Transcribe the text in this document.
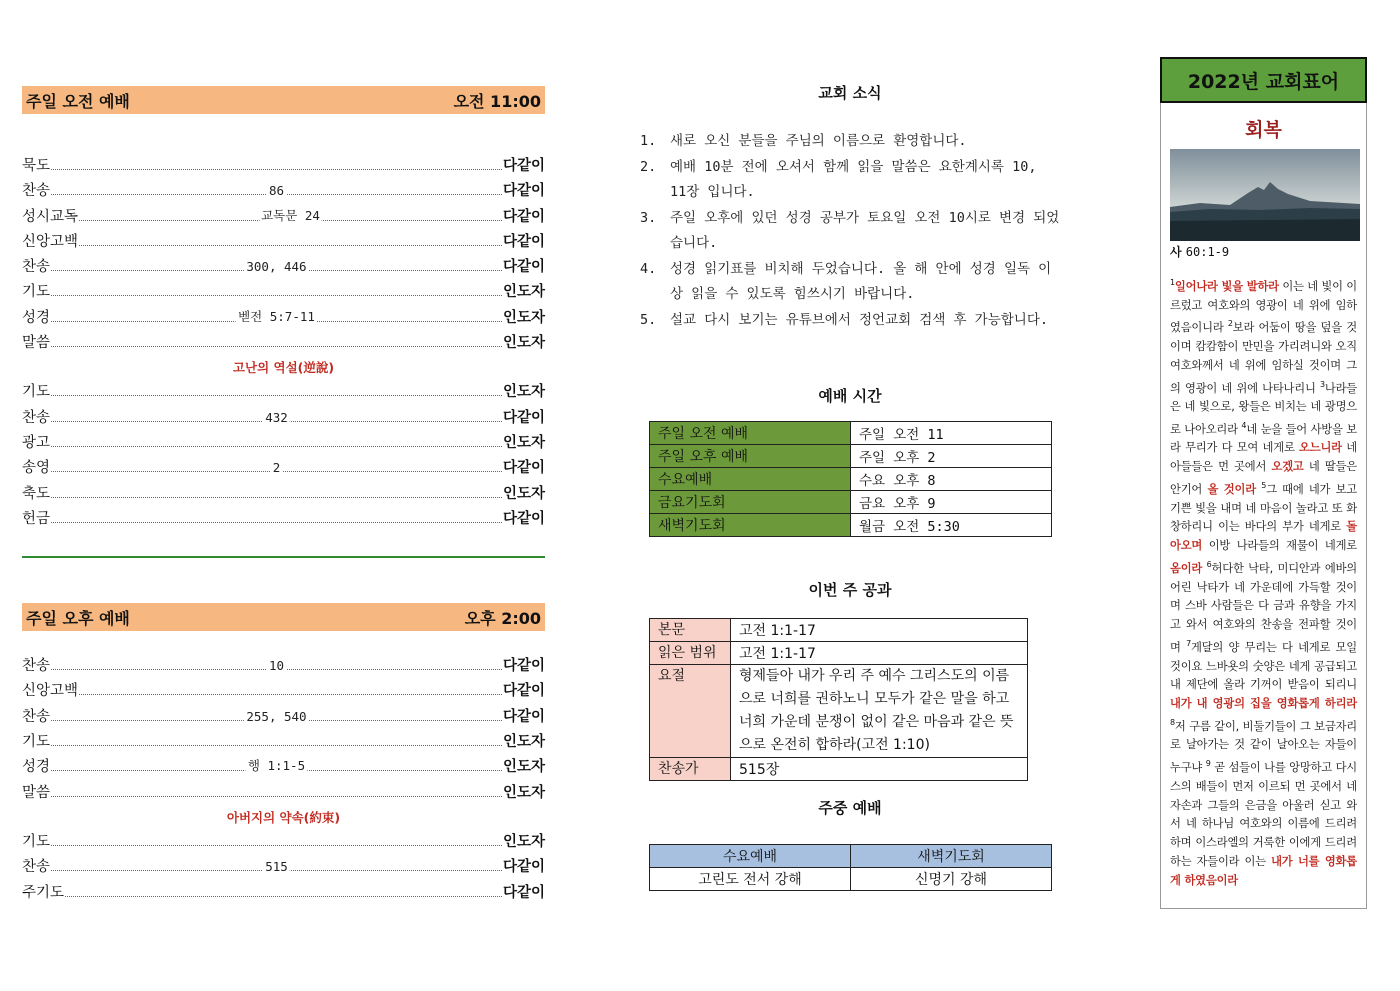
주일 오전 예배	오전 11:00
묵도	다같이
찬송	86	다같이
성시교독	교독문 24	다같이
신앙고백	다같이
찬송	300, 446	다같이
기도	인도자
성경	벧전 5:7-11	인도자
말씀	인도자
고난의 역설(逆說)
기도	인도자
찬송	432	다같이
광고	인도자
송영	2	다같이
축도	인도자
헌금	다같이
주일 오후 예배	오후 2:00
찬송	10	다같이
신앙고백	다같이
찬송	255, 540	다같이
기도	인도자
성경	행 1:1-5	인도자
말씀	인도자
아버지의 약속(約束)
기도	인도자
찬송	515	다같이
주기도	다같이
교회 소식
1.	새로 오신 분들을 주님의 이름으로 환영합니다.
2.	예배 10분 전에 오셔서 함께 읽을 말씀은 요한계시록 10, 11장 입니다.
3.	주일 오후에 있던 성경 공부가 토요일 오전 10시로 변경 되었습니다.
4.	성경 읽기표를 비치해 두었습니다. 올 해 안에 성경 일독 이상 읽을 수 있도록 힘쓰시기 바랍니다.
5.	설교 다시 보기는 유튜브에서 정언교회 검색 후 가능합니다.
예배 시간
주일 오전 예배	주일 오전 11
주일 오후 예배	주일 오후 2
수요예배	수요 오후 8
금요기도회	금요 오후 9
새벽기도회	월금 오전 5:30
이번 주 공과
본문	고전 1:1-17
읽은 범위	고전 1:1-17
요절	형제들아 내가 우리 주 예수 그리스도의 이름으로 너희를 권하노니 모두가 같은 말을 하고 너희 가운데 분쟁이 없이 같은 마음과 같은 뜻으로 온전히 합하라(고전 1:10)
찬송가	515장
주중 예배
수요예배	새벽기도회
고린도 전서 강해	신명기 강해
2022년 교회표어
회복
사 60:1-9
$^1$일어나라 빛을 발하라 이는 네 빛이 이르렀고 여호와의 영광이 네 위에 임하였음이니라 $^2$보라 어둠이 땅을 덮을 것이며 캄캄함이 만민을 가리려니와 오직 여호와께서 네 위에 임하실 것이며 그의 영광이 네 위에 나타나리니 $^3$나라들은 네 빛으로, 왕들은 비치는 네 광명으로 나아오리라 $^4$네 눈을 들어 사방을 보라 무리가 다 모여 네게로 오느니라 네 아들들은 먼 곳에서 오겠고 네 딸들은 안기어 올 것이라 $^5$그 때에 네가 보고 기쁜 빛을 내며 네 마음이 놀라고 또 화창하리니 이는 바다의 부가 네게로 돌아오며 이방 나라들의 재물이 네게로 옴이라 $^6$허다한 낙타, 미디안과 에바의 어린 낙타가 네 가운데에 가득할 것이며 스바 사람들은 다 금과 유향을 가지고 와서 여호와의 찬송을 전파할 것이며 $^7$게달의 양 무리는 다 네게로 모일 것이요 느바욧의 숫양은 네게 공급되고 내 제단에 올라 기꺼이 받음이 되리니 내가 내 영광의 집을 영화롭게 하리라 $^8$저 구름 같이, 비둘기들이 그 보금자리로 날아가는 것 같이 날아오는 자들이 누구냐 $^9$ 곧 섬들이 나를 앙망하고 다시스의 배들이 먼저 이르되 먼 곳에서 네 자손과 그들의 은금을 아울러 싣고 와서 네 하나님 여호와의 이름에 드리려 하며 이스라엘의 거룩한 이에게 드리려 하는 자들이라 이는 내가 너를 영화롭게 하였음이라
